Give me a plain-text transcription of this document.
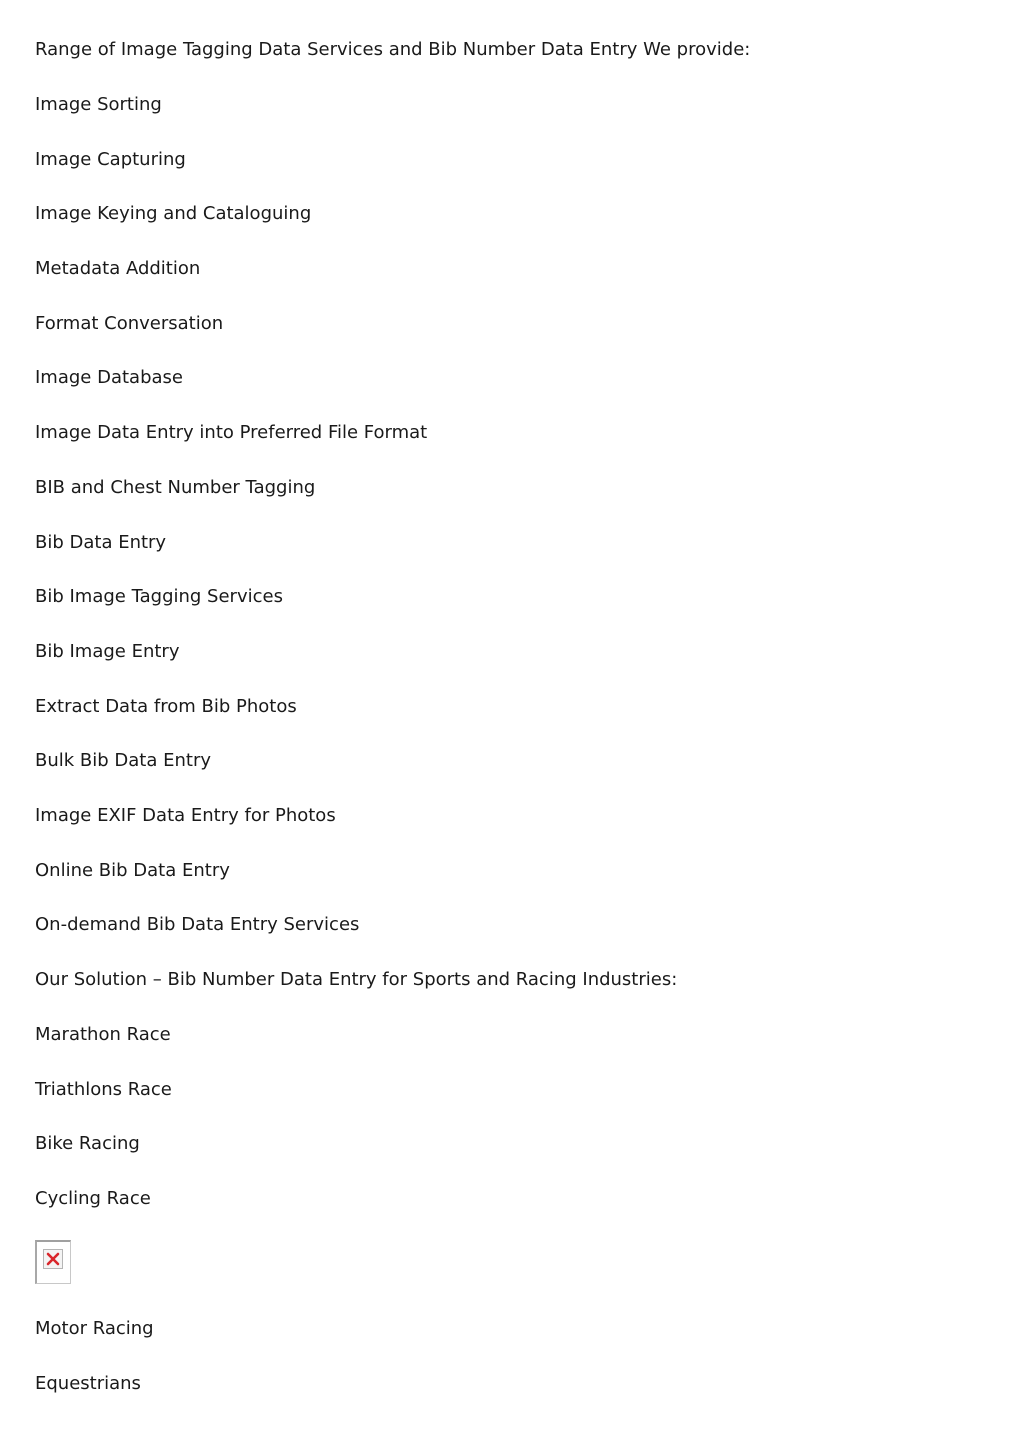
Range of Image Tagging Data Services and Bib Number Data Entry We provide:
Image Sorting
Image Capturing
Image Keying and Cataloguing
Metadata Addition
Format Conversation
Image Database
Image Data Entry into Preferred File Format
BIB and Chest Number Tagging
Bib Data Entry
Bib Image Tagging Services
Bib Image Entry
Extract Data from Bib Photos
Bulk Bib Data Entry
Image EXIF Data Entry for Photos
Online Bib Data Entry
On-demand Bib Data Entry Services
Our Solution – Bib Number Data Entry for Sports and Racing Industries:
Marathon Race
Triathlons Race
Bike Racing
Cycling Race
Motor Racing
Equestrians
